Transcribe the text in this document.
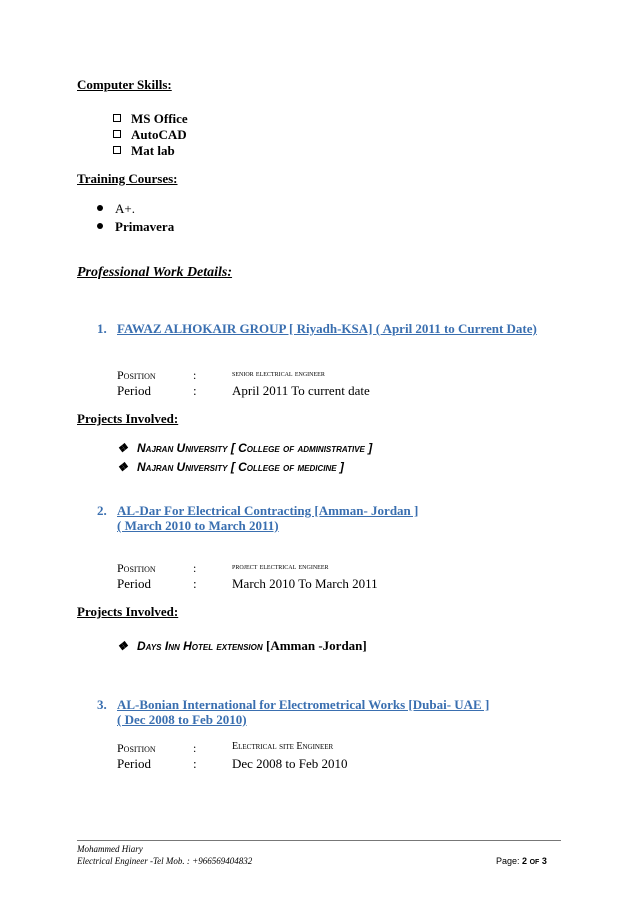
Computer Skills:
MS Office
AutoCAD
Mat lab
Training Courses:
A+.
Primavera
Professional Work Details:
1. FAWAZ ALHOKAIR GROUP [ Riyadh-KSA] ( April 2011 to Current Date)
Position	:	senior electrical engineer
Period	:	April 2011 To current date
Projects Involved:
❖ Najran University [ College of administrative ]
❖ Najran University [ College of medicine ]
2. AL-Dar For Electrical Contracting [Amman- Jordan ]
( March 2010 to March 2011)
Position	:	project electrical engineer
Period	:	March 2010 To March 2011
Projects Involved:
❖ Days Inn Hotel extension [Amman -Jordan]
3. AL-Bonian International for Electrometrical Works [Dubai- UAE ]
( Dec 2008 to Feb 2010)
Position	:	Electrical site Engineer
Period	:	Dec 2008 to Feb 2010
Mohammed Hiary
Electrical Engineer -Tel Mob. : +966569404832	Page: 2 OF 3
